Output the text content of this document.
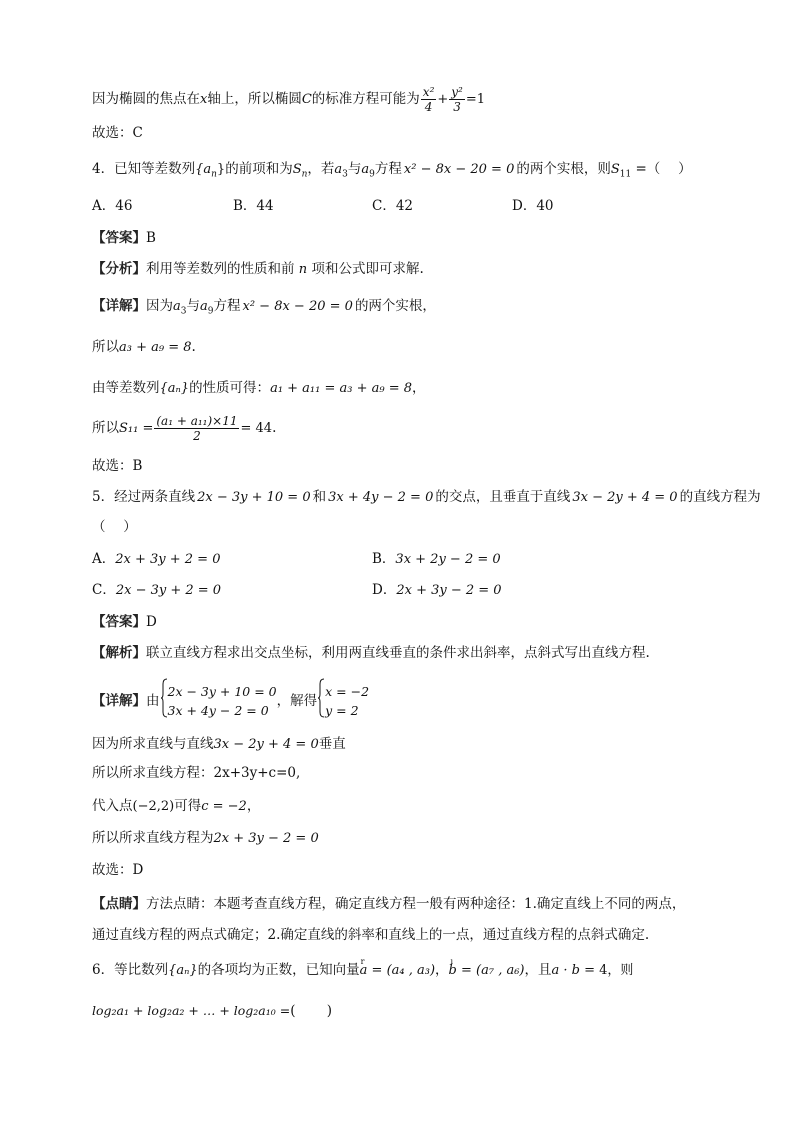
因为椭圆的焦点在x轴上，所以椭圆C的标准方程可能为 $\frac{\text{x²}}{4} + \frac{\text{y²}}{3} =1$
故选：C
4．已知等差数列$\{a_n\}$的前项和为$S_n$，若$a_3$与$a_9$方程 x² − 8x − 20 = 0 的两个实根，则$S_{11}$ =（　 ）
A．46	B．44	C．42	D．40
【答案】B
【分析】利用等差数列的性质和前 n 项和公式即可求解.
【详解】因为$a_3$与$a_9$方程 x² − 8x − 20 = 0 的两个实根，
所以a₃ + a₉ = 8.
由等差数列{aₙ}的性质可得：a₁ + a₁₁ = a₃ + a₉ = 8，
所以$S_{11} = \frac{\text{(a₁ + a₁₁)×11}}{2} = 44$.
故选：B
5．经过两条直线 2x − 3y + 10 = 0 和 3x + 4y − 2 = 0 的交点，且垂直于直线 3x − 2y + 4 = 0 的直线方程为
（　 ）
A．2x + 3y + 2 = 0	B．3x + 2y − 2 = 0
C．2x − 3y + 2 = 0	D．2x + 3y − 2 = 0
【答案】D
【解析】联立直线方程求出交点坐标，利用两直线垂直的条件求出斜率，点斜式写出直线方程.
【详解】由
2x − 3y + 10 = 0
3x + 4y − 2 = 0
，解得
x = −2
y = 2
因为所求直线与直线3x − 2y + 4 = 0垂直
所以所求直线方程：2x+3y+c=0,
代入点(−2,2)可得c = −2，
所以所求直线方程为2x + 3y − 2 = 0
故选：D
【点睛】方法点睛：本题考查直线方程，确定直线方程一般有两种途径：1.确定直线上不同的两点，
通过直线方程的两点式确定；2.确定直线的斜率和直线上的一点，通过直线方程的点斜式确定.
6．等比数列{aₙ}的各项均为正数，已知向量r a = (a₄ , a₃)，ı b = (a₇ , a₆)，且a · b = 4，则
log₂a₁ + log₂a₂ + … + log₂a₁₀ =(　　 )
